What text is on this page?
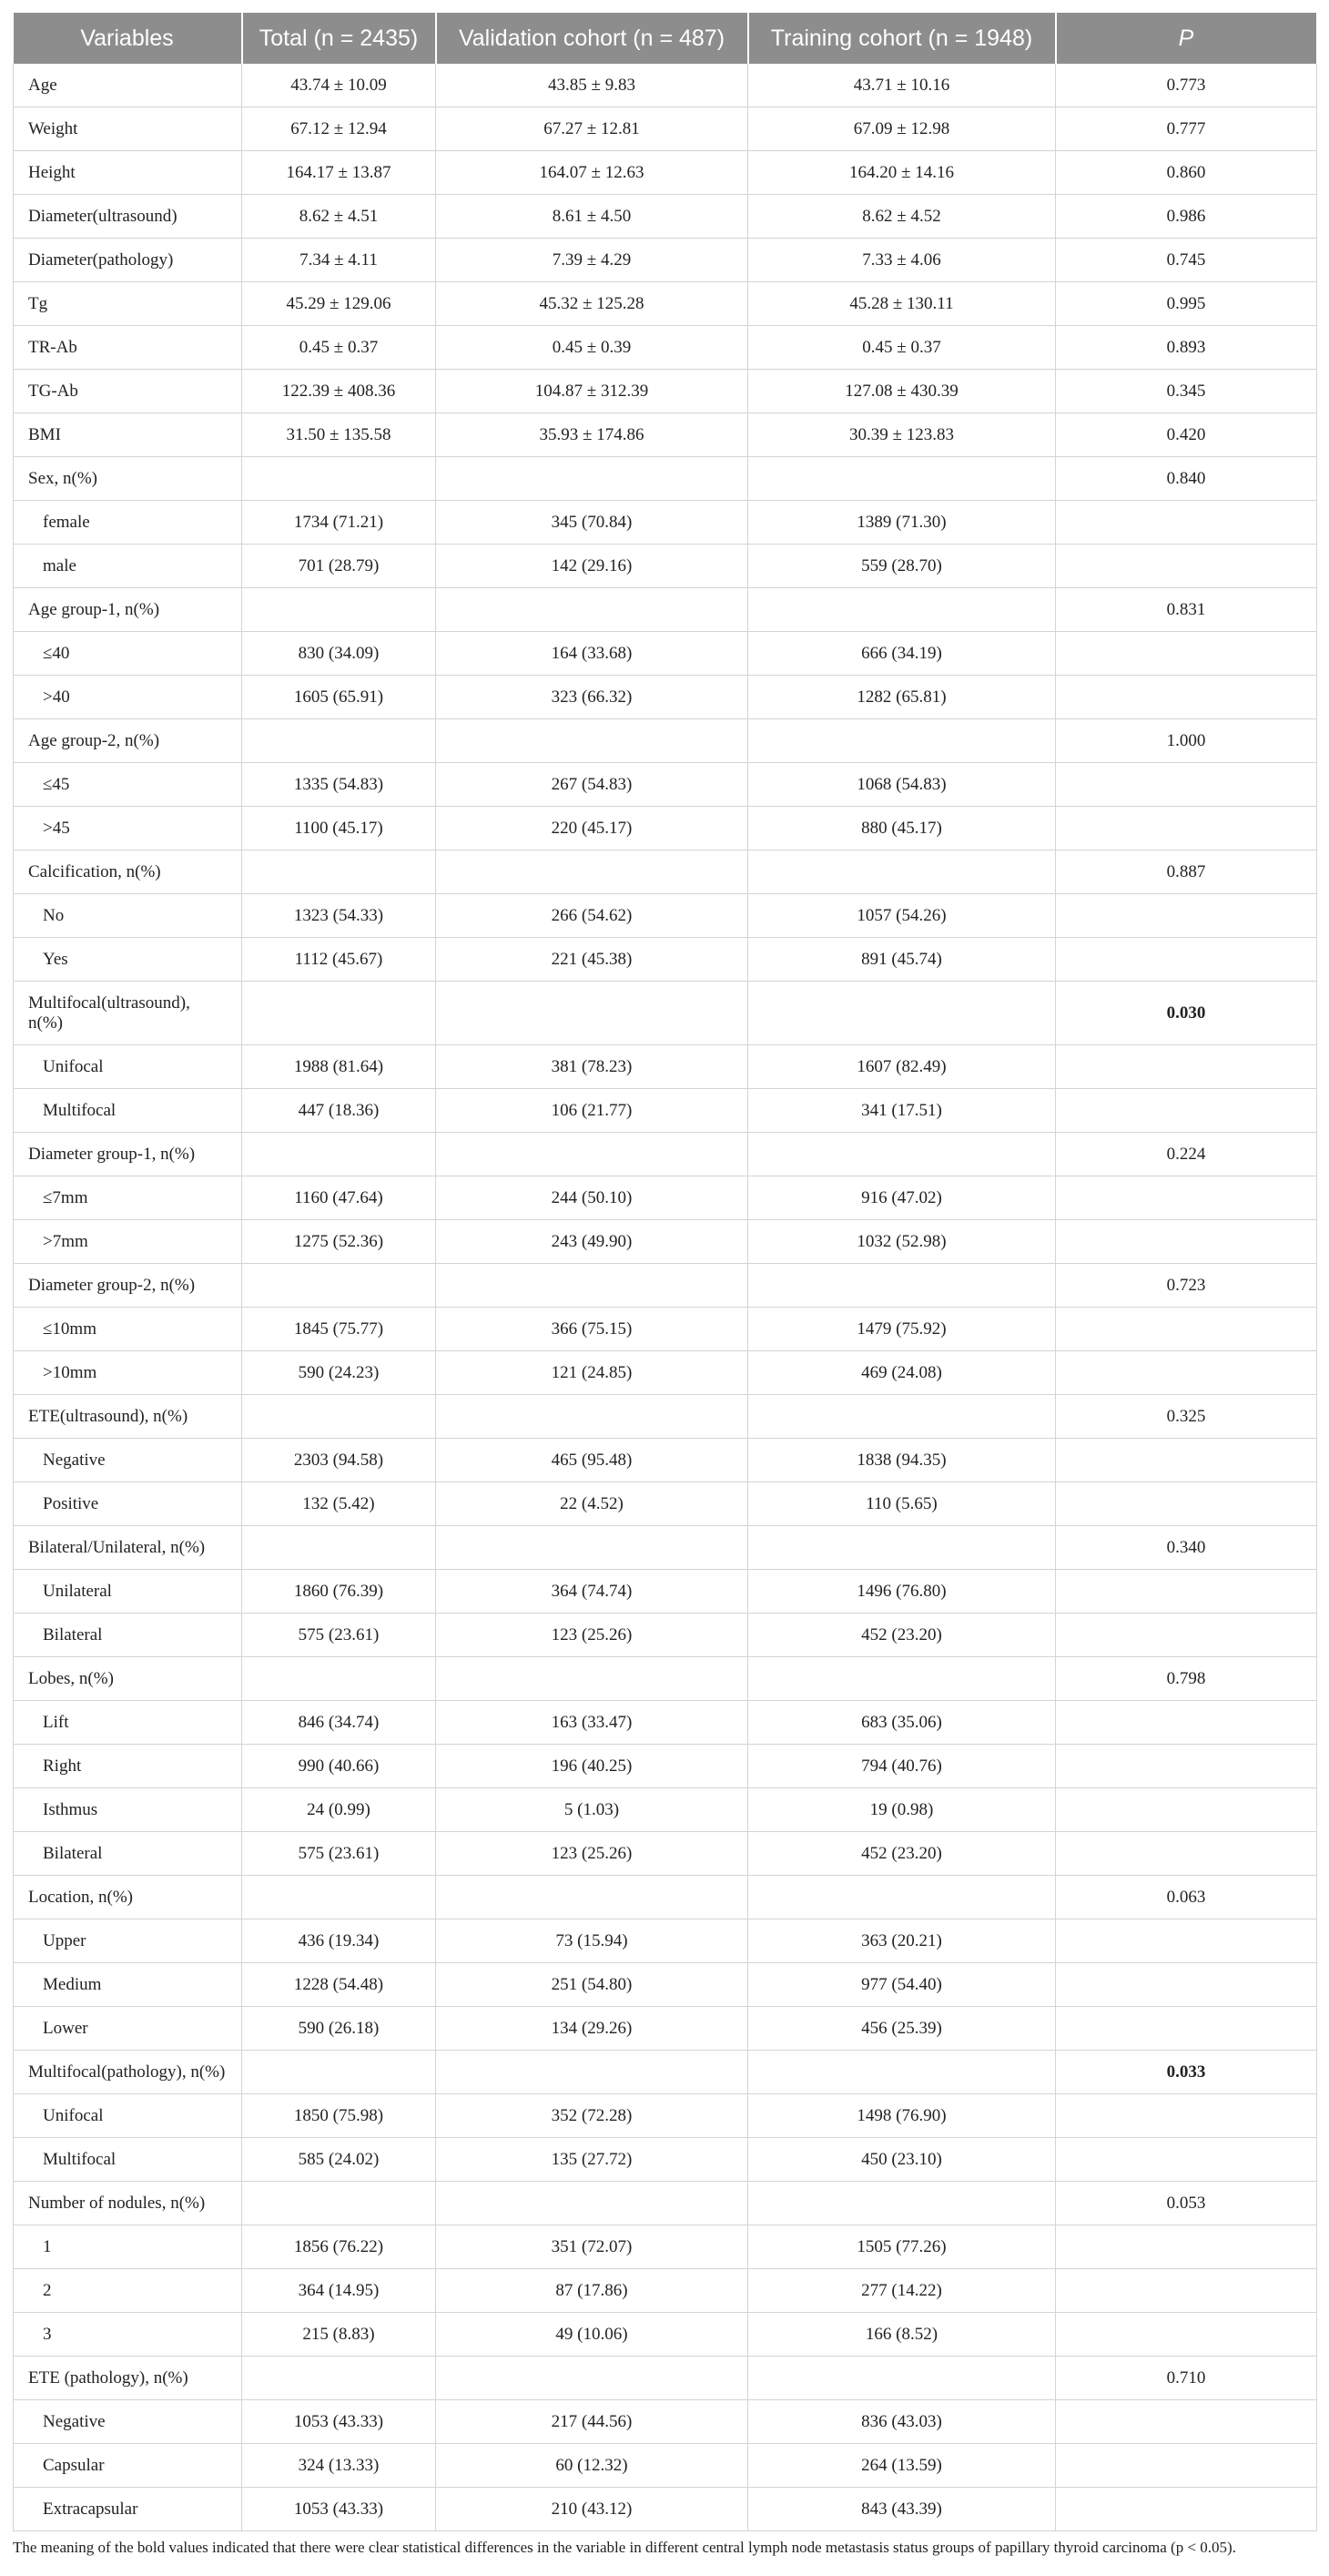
Variables	Total (n = 2435)	Validation cohort (n = 487)	Training cohort (n = 1948)	P
Age	43.74 ± 10.09	43.85 ± 9.83	43.71 ± 10.16	0.773
Weight	67.12 ± 12.94	67.27 ± 12.81	67.09 ± 12.98	0.777
Height	164.17 ± 13.87	164.07 ± 12.63	164.20 ± 14.16	0.860
Diameter(ultrasound)	8.62 ± 4.51	8.61 ± 4.50	8.62 ± 4.52	0.986
Diameter(pathology)	7.34 ± 4.11	7.39 ± 4.29	7.33 ± 4.06	0.745
Tg	45.29 ± 129.06	45.32 ± 125.28	45.28 ± 130.11	0.995
TR-Ab	0.45 ± 0.37	0.45 ± 0.39	0.45 ± 0.37	0.893
TG-Ab	122.39 ± 408.36	104.87 ± 312.39	127.08 ± 430.39	0.345
BMI	31.50 ± 135.58	35.93 ± 174.86	30.39 ± 123.83	0.420
Sex, n(%)				0.840
female	1734 (71.21)	345 (70.84)	1389 (71.30)	
male	701 (28.79)	142 (29.16)	559 (28.70)	
Age group-1, n(%)				0.831
≤40	830 (34.09)	164 (33.68)	666 (34.19)	
>40	1605 (65.91)	323 (66.32)	1282 (65.81)	
Age group-2, n(%)				1.000
≤45	1335 (54.83)	267 (54.83)	1068 (54.83)	
>45	1100 (45.17)	220 (45.17)	880 (45.17)	
Calcification, n(%)				0.887
No	1323 (54.33)	266 (54.62)	1057 (54.26)	
Yes	1112 (45.67)	221 (45.38)	891 (45.74)	
Multifocal(ultrasound), n(%)				0.030
Unifocal	1988 (81.64)	381 (78.23)	1607 (82.49)	
Multifocal	447 (18.36)	106 (21.77)	341 (17.51)	
Diameter group-1, n(%)				0.224
≤7mm	1160 (47.64)	244 (50.10)	916 (47.02)	
>7mm	1275 (52.36)	243 (49.90)	1032 (52.98)	
Diameter group-2, n(%)				0.723
≤10mm	1845 (75.77)	366 (75.15)	1479 (75.92)	
>10mm	590 (24.23)	121 (24.85)	469 (24.08)	
ETE(ultrasound), n(%)				0.325
Negative	2303 (94.58)	465 (95.48)	1838 (94.35)	
Positive	132 (5.42)	22 (4.52)	110 (5.65)	
Bilateral/Unilateral, n(%)				0.340
Unilateral	1860 (76.39)	364 (74.74)	1496 (76.80)	
Bilateral	575 (23.61)	123 (25.26)	452 (23.20)	
Lobes, n(%)				0.798
Lift	846 (34.74)	163 (33.47)	683 (35.06)	
Right	990 (40.66)	196 (40.25)	794 (40.76)	
Isthmus	24 (0.99)	5 (1.03)	19 (0.98)	
Bilateral	575 (23.61)	123 (25.26)	452 (23.20)	
Location, n(%)				0.063
Upper	436 (19.34)	73 (15.94)	363 (20.21)	
Medium	1228 (54.48)	251 (54.80)	977 (54.40)	
Lower	590 (26.18)	134 (29.26)	456 (25.39)	
Multifocal(pathology), n(%)				0.033
Unifocal	1850 (75.98)	352 (72.28)	1498 (76.90)	
Multifocal	585 (24.02)	135 (27.72)	450 (23.10)	
Number of nodules, n(%)				0.053
1	1856 (76.22)	351 (72.07)	1505 (77.26)	
2	364 (14.95)	87 (17.86)	277 (14.22)	
3	215 (8.83)	49 (10.06)	166 (8.52)	
ETE (pathology), n(%)				0.710
Negative	1053 (43.33)	217 (44.56)	836 (43.03)	
Capsular	324 (13.33)	60 (12.32)	264 (13.59)	
Extracapsular	1053 (43.33)	210 (43.12)	843 (43.39)	
The meaning of the bold values indicated that there were clear statistical differences in the variable in different central lymph node metastasis status groups of papillary thyroid carcinoma (p < 0.05).
